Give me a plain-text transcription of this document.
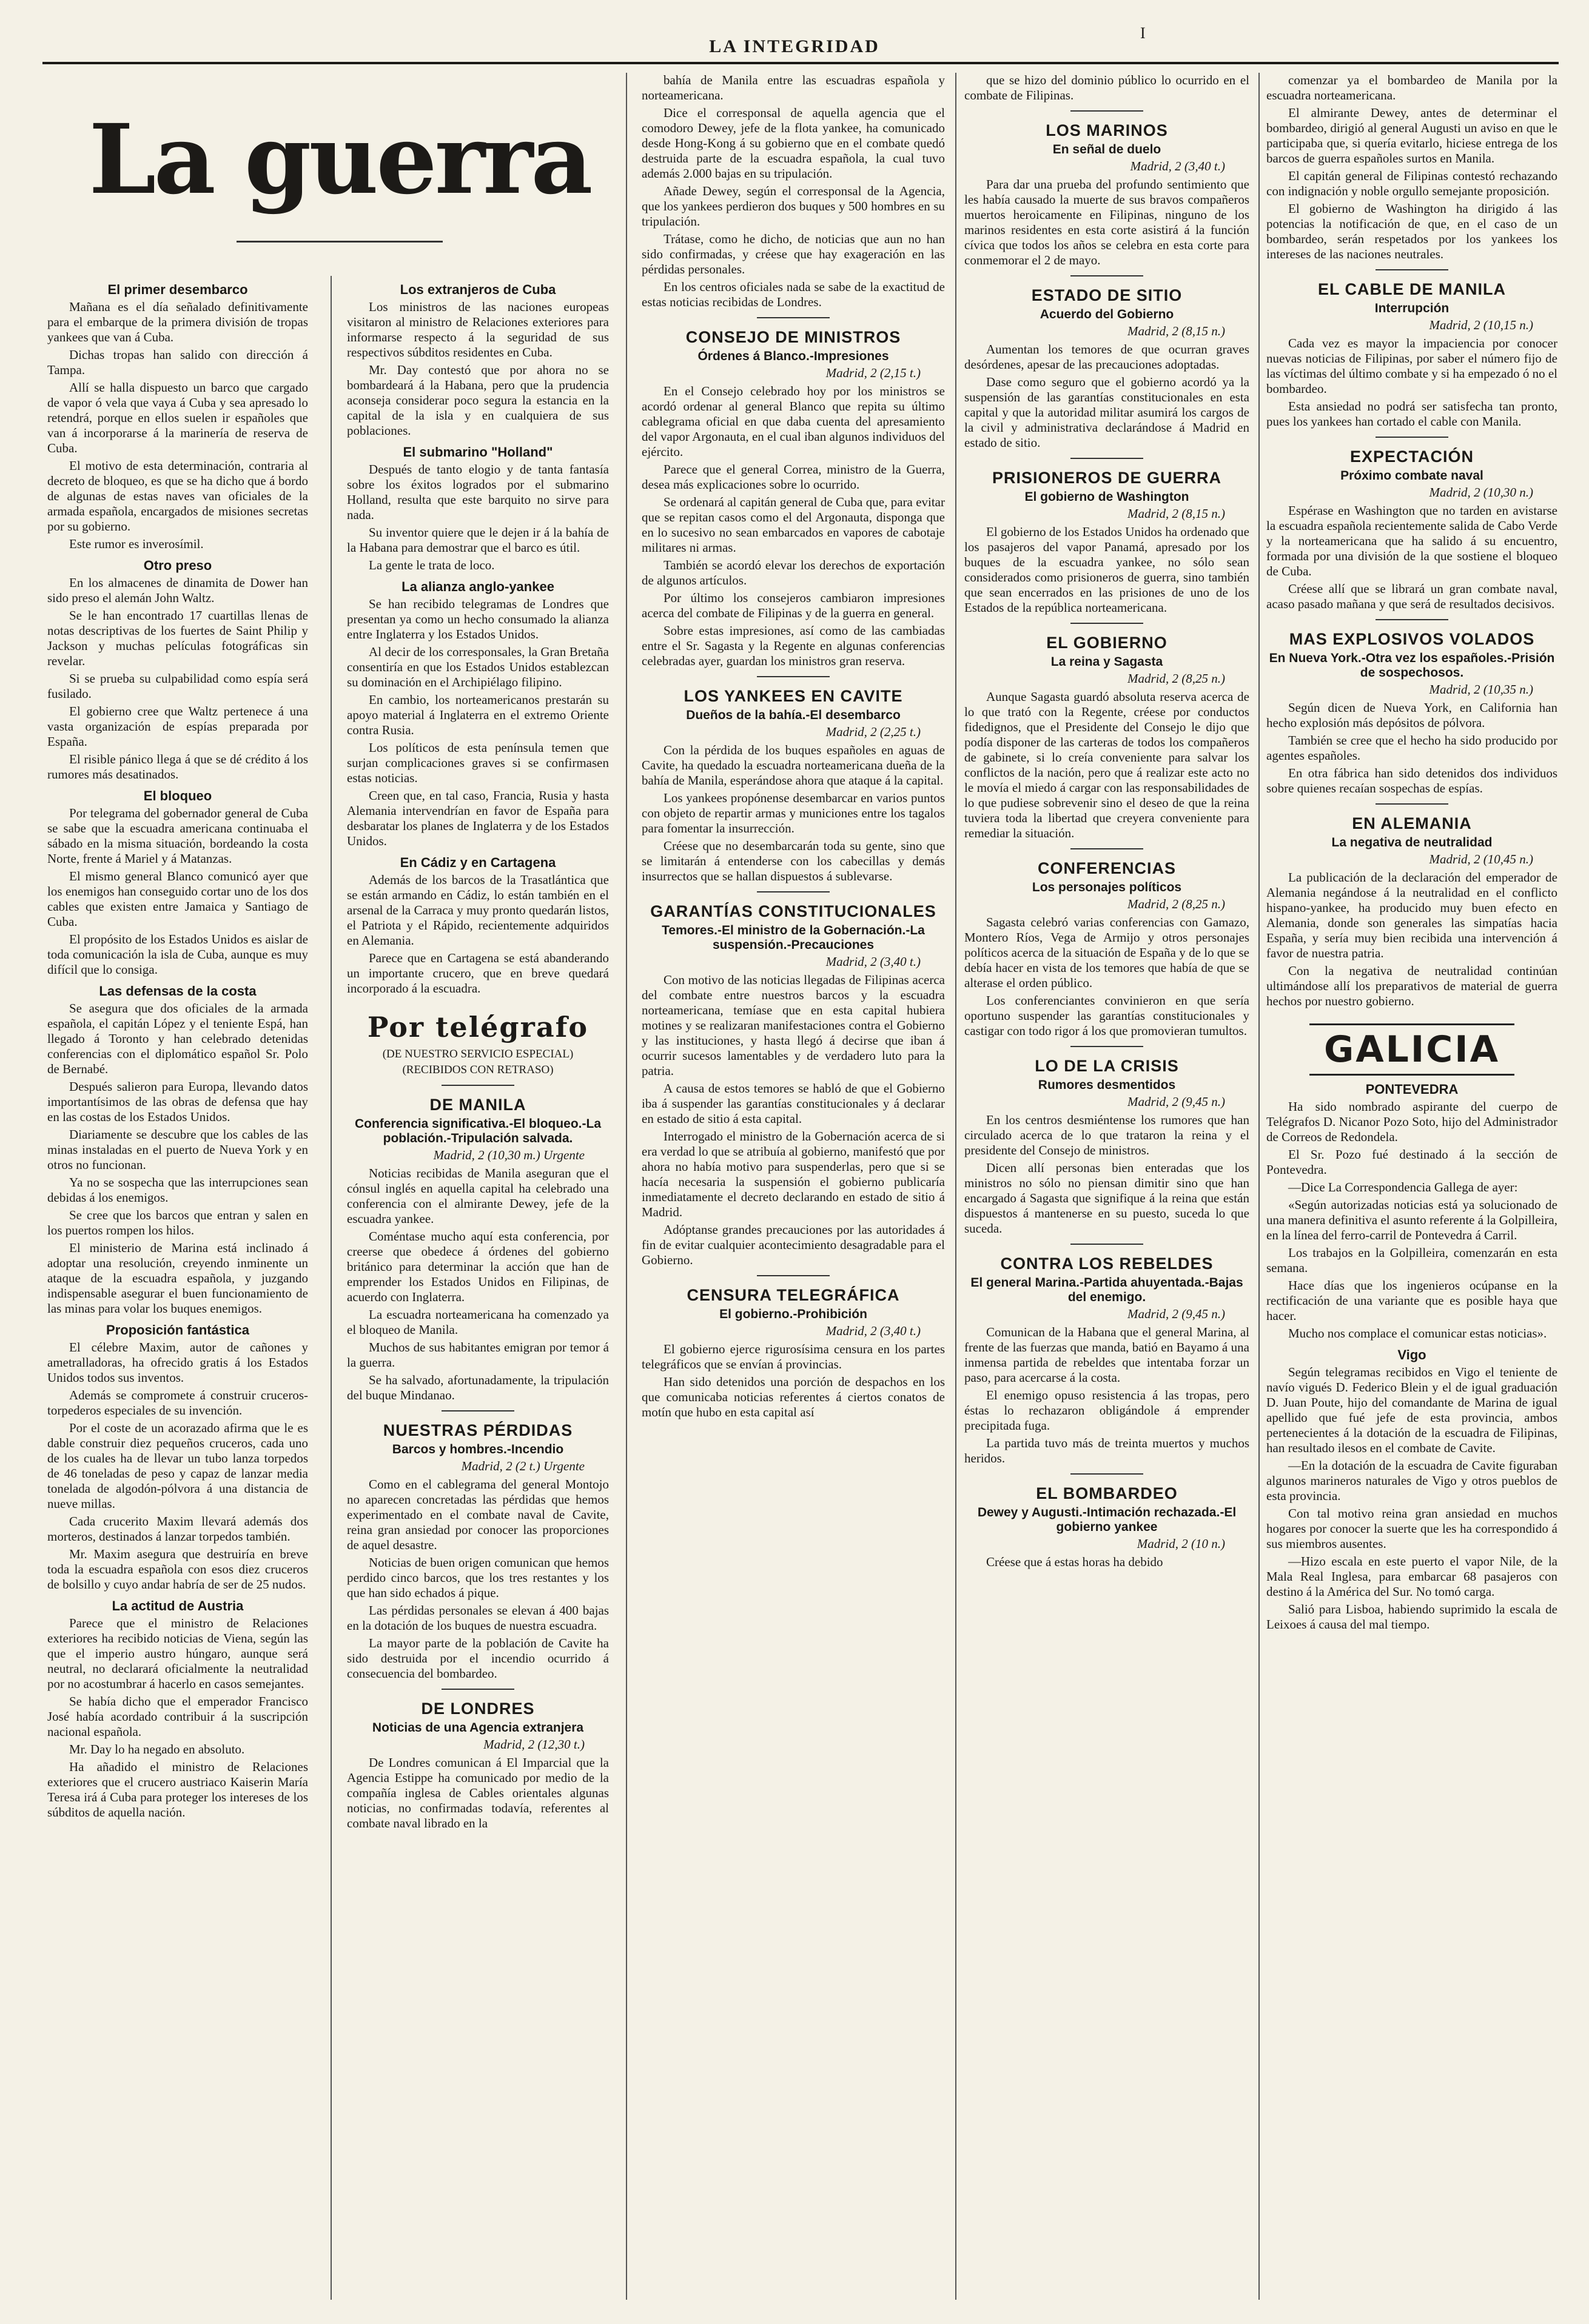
LA INTEGRIDAD
I
La guerra
El primer desembarco

Mañana es el día señalado definitivamente para el embarque de la primera división de tropas yankees que van á Cuba.

Dichas tropas han salido con dirección á Tampa.

Allí se halla dispuesto un barco que cargado de vapor ó vela que vaya á Cuba y sea apresado lo retendrá, porque en ellos suelen ir españoles que van á incorporarse á la marinería de reserva de Cuba.

El motivo de esta determinación, contraria al decreto de bloqueo, es que se ha dicho que á bordo de algunas de estas naves van oficiales de la armada española, encargados de misiones secretas por su gobierno.

Este rumor es inverosímil.

Otro preso

En los almacenes de dinamita de Dower han sido preso el alemán John Waltz.

Se le han encontrado 17 cuartillas llenas de notas descriptivas de los fuertes de Saint Philip y Jackson y muchas películas fotográficas sin revelar.

Si se prueba su culpabilidad como espía será fusilado.

El gobierno cree que Waltz pertenece á una vasta organización de espías preparada por España.

El risible pánico llega á que se dé crédito á los rumores más desatinados.

El bloqueo

Por telegrama del gobernador general de Cuba se sabe que la escuadra americana continuaba el sábado en la misma situación, bordeando la costa Norte, frente á Mariel y á Matanzas.

El mismo general Blanco comunicó ayer que los enemigos han conseguido cortar uno de los dos cables que existen entre Jamaica y Santiago de Cuba.

El propósito de los Estados Unidos es aislar de toda comunicación la isla de Cuba, aunque es muy difícil que lo consiga.

Las defensas de la costa

Se asegura que dos oficiales de la armada española, el capitán López y el teniente Espá, han llegado á Toronto y han celebrado detenidas conferencias con el diplomático español Sr. Polo de Bernabé.

Después salieron para Europa, llevando datos importantísimos de las obras de defensa que hay en las costas de los Estados Unidos.

Diariamente se descubre que los cables de las minas instaladas en el puerto de Nueva York y en otros no funcionan.

Ya no se sospecha que las interrupciones sean debidas á los enemigos.

Se cree que los barcos que entran y salen en los puertos rompen los hilos.

El ministerio de Marina está inclinado á adoptar una resolución, creyendo inminente un ataque de la escuadra española, y juzgando indispensable asegurar el buen funcionamiento de las minas para volar los buques enemigos.

Proposición fantástica

El célebre Maxim, autor de cañones y ametralladoras, ha ofrecido gratis á los Estados Unidos todos sus inventos.

Además se compromete á construir cruceros-torpederos especiales de su invención.

Por el coste de un acorazado afirma que le es dable construir diez pequeños cruceros, cada uno de los cuales ha de llevar un tubo lanza torpedos de 46 toneladas de peso y capaz de lanzar media tonelada de algodón-pólvora á una distancia de nueve millas.

Cada crucerito Maxim llevará además dos morteros, destinados á lanzar torpedos también.

Mr. Maxim asegura que destruiría en breve toda la escuadra española con esos diez cruceros de bolsillo y cuyo andar habría de ser de 25 nudos.

La actitud de Austria

Parece que el ministro de Relaciones exteriores ha recibido noticias de Viena, según las que el imperio austro húngaro, aunque será neutral, no declarará oficialmente la neutralidad por no acostumbrar á hacerlo en casos semejantes.

Se había dicho que el emperador Francisco José había acordado contribuir á la suscripción nacional española.

Mr. Day lo ha negado en absoluto.

Ha añadido el ministro de Relaciones exteriores que el crucero austriaco Kaiserin María Teresa irá á Cuba para proteger los intereses de los súbditos de aquella nación.

Los extranjeros de Cuba

Los ministros de las naciones europeas visitaron al ministro de Relaciones exteriores para informarse respecto á la seguridad de sus respectivos súbditos residentes en Cuba.

Mr. Day contestó que por ahora no se bombardeará á la Habana, pero que la prudencia aconseja considerar poco segura la estancia en la capital de la isla y en cualquiera de sus poblaciones.

El submarino "Holland"

Después de tanto elogio y de tanta fantasía sobre los éxitos logrados por el submarino Holland, resulta que este barquito no sirve para nada.

Su inventor quiere que le dejen ir á la bahía de la Habana para demostrar que el barco es útil.

La gente le trata de loco.

La alianza anglo-yankee

Se han recibido telegramas de Londres que presentan ya como un hecho consumado la alianza entre Inglaterra y los Estados Unidos.

Al decir de los corresponsales, la Gran Bretaña consentiría en que los Estados Unidos establezcan su dominación en el Archipiélago filipino.

En cambio, los norteamericanos prestarán su apoyo material á Inglaterra en el extremo Oriente contra Rusia.

Los políticos de esta península temen que surjan complicaciones graves si se confirmasen estas noticias.

Creen que, en tal caso, Francia, Rusia y hasta Alemania intervendrían en favor de España para desbaratar los planes de Inglaterra y de los Estados Unidos.

En Cádiz y en Cartagena

Además de los barcos de la Trasatlántica que se están armando en Cádiz, lo están también en el arsenal de la Carraca y muy pronto quedarán listos, el Patriota y el Rápido, recientemente adquiridos en Alemania.

Parece que en Cartagena se está abanderando un importante crucero, que en breve quedará incorporado á la escuadra.

Por telégrafo
(DE NUESTRO SERVICIO ESPECIAL)
(RECIBIDOS CON RETRASO)
DE MANILA
Conferencia significativa.-El bloqueo.-La población.-Tripulación salvada.
Madrid, 2 (10,30 m.) Urgente

Noticias recibidas de Manila aseguran que el cónsul inglés en aquella capital ha celebrado una conferencia con el almirante Dewey, jefe de la escuadra yankee.

Coméntase mucho aquí esta conferencia, por creerse que obedece á órdenes del gobierno británico para determinar la acción que han de emprender los Estados Unidos en Filipinas, de acuerdo con Inglaterra.

La escuadra norteamericana ha comenzado ya el bloqueo de Manila.

Muchos de sus habitantes emigran por temor á la guerra.

Se ha salvado, afortunadamente, la tripulación del buque Mindanao.

NUESTRAS PÉRDIDAS
Barcos y hombres.-Incendio
Madrid, 2 (2 t.) Urgente

Como en el cablegrama del general Montojo no aparecen concretadas las pérdidas que hemos experimentado en el combate naval de Cavite, reina gran ansiedad por conocer las proporciones de aquel desastre.

Noticias de buen origen comunican que hemos perdido cinco barcos, que los tres restantes y los que han sido echados á pique.

Las pérdidas personales se elevan á 400 bajas en la dotación de los buques de nuestra escuadra.

La mayor parte de la población de Cavite ha sido destruida por el incendio ocurrido á consecuencia del bombardeo.

DE LONDRES
Noticias de una Agencia extranjera
Madrid, 2 (12,30 t.)

De Londres comunican á El Imparcial que la Agencia Estippe ha comunicado por medio de la compañía inglesa de Cables orientales algunas noticias, no confirmadas todavía, referentes al combate naval librado en la

bahía de Manila entre las escuadras española y norteamericana.

Dice el corresponsal de aquella agencia que el comodoro Dewey, jefe de la flota yankee, ha comunicado desde Hong-Kong á su gobierno que en el combate quedó destruida parte de la escuadra española, la cual tuvo además 2.000 bajas en su tripulación.

Añade Dewey, según el corresponsal de la Agencia, que los yankees perdieron dos buques y 500 hombres en su tripulación.

Trátase, como he dicho, de noticias que aun no han sido confirmadas, y créese que hay exageración en las pérdidas personales.

En los centros oficiales nada se sabe de la exactitud de estas noticias recibidas de Londres.

CONSEJO DE MINISTROS
Órdenes á Blanco.-Impresiones
Madrid, 2 (2,15 t.)

En el Consejo celebrado hoy por los ministros se acordó ordenar al general Blanco que repita su último cablegrama oficial en que daba cuenta del apresamiento del vapor Argonauta, en el cual iban algunos individuos del ejército.

Parece que el general Correa, ministro de la Guerra, desea más explicaciones sobre lo ocurrido.

Se ordenará al capitán general de Cuba que, para evitar que se repitan casos como el del Argonauta, disponga que en lo sucesivo no sean embarcados en vapores de cabotaje militares ni armas.

También se acordó elevar los derechos de exportación de algunos artículos.

Por último los consejeros cambiaron impresiones acerca del combate de Filipinas y de la guerra en general.

Sobre estas impresiones, así como de las cambiadas entre el Sr. Sagasta y la Regente en algunas conferencias celebradas ayer, guardan los ministros gran reserva.

LOS YANKEES EN CAVITE
Dueños de la bahía.-El desembarco
Madrid, 2 (2,25 t.)

Con la pérdida de los buques españoles en aguas de Cavite, ha quedado la escuadra norteamericana dueña de la bahía de Manila, esperándose ahora que ataque á la capital.

Los yankees propónense desembarcar en varios puntos con objeto de repartir armas y municiones entre los tagalos para fomentar la insurrección.

Créese que no desembarcarán toda su gente, sino que se limitarán á entenderse con los cabecillas y demás insurrectos que se hallan dispuestos á sublevarse.

GARANTÍAS CONSTITUCIONALES
Temores.-El ministro de la Gobernación.-La suspensión.-Precauciones
Madrid, 2 (3,40 t.)

Con motivo de las noticias llegadas de Filipinas acerca del combate entre nuestros barcos y la escuadra norteamericana, temíase que en esta capital hubiera motines y se realizaran manifestaciones contra el Gobierno y las instituciones, y hasta llegó á decirse que iban á ocurrir sucesos lamentables y de verdadero luto para la patria.

A causa de estos temores se habló de que el Gobierno iba á suspender las garantías constitucionales y á declarar en estado de sitio á esta capital.

Interrogado el ministro de la Gobernación acerca de si era verdad lo que se atribuía al gobierno, manifestó que por ahora no había motivo para suspenderlas, pero que si se hacía necesaria la suspensión el gobierno publicaría inmediatamente el decreto declarando en estado de sitio á Madrid.

Adóptanse grandes precauciones por las autoridades á fin de evitar cualquier acontecimiento desagradable para el Gobierno.

CENSURA TELEGRÁFICA
El gobierno.-Prohibición
Madrid, 2 (3,40 t.)

El gobierno ejerce rigurosísima censura en los partes telegráficos que se envían á provincias.

Han sido detenidos una porción de despachos en los que comunicaba noticias referentes á ciertos conatos de motín que hubo en esta capital así

que se hizo del dominio público lo ocurrido en el combate de Filipinas.

LOS MARINOS
En señal de duelo
Madrid, 2 (3,40 t.)

Para dar una prueba del profundo sentimiento que les había causado la muerte de sus bravos compañeros muertos heroicamente en Filipinas, ninguno de los marinos residentes en esta corte asistirá á la función cívica que todos los años se celebra en esta corte para conmemorar el 2 de mayo.

ESTADO DE SITIO
Acuerdo del Gobierno
Madrid, 2 (8,15 n.)

Aumentan los temores de que ocurran graves desórdenes, apesar de las precauciones adoptadas.

Dase como seguro que el gobierno acordó ya la suspensión de las garantías constitucionales en esta capital y que la autoridad militar asumirá los cargos de la civil y administrativa declarándose á Madrid en estado de sitio.

PRISIONEROS DE GUERRA
El gobierno de Washington
Madrid, 2 (8,15 n.)

El gobierno de los Estados Unidos ha ordenado que los pasajeros del vapor Panamá, apresado por los buques de la escuadra yankee, no sólo sean considerados como prisioneros de guerra, sino también que sean encerrados en las prisiones de uno de los Estados de la república norteamericana.

EL GOBIERNO
La reina y Sagasta
Madrid, 2 (8,25 n.)

Aunque Sagasta guardó absoluta reserva acerca de lo que trató con la Regente, créese por conductos fidedignos, que el Presidente del Consejo le dijo que podía disponer de las carteras de todos los compañeros de gabinete, si lo creía conveniente para salvar los conflictos de la nación, pero que á realizar este acto no le movía el miedo á cargar con las responsabilidades de lo que pudiese sobrevenir sino el deseo de que la reina tuviera toda la libertad que creyera conveniente para remediar la situación.

CONFERENCIAS
Los personajes políticos
Madrid, 2 (8,25 n.)

Sagasta celebró varias conferencias con Gamazo, Montero Ríos, Vega de Armijo y otros personajes políticos acerca de la situación de España y de lo que se debía hacer en vista de los temores que había de que se alterase el orden público.

Los conferenciantes convinieron en que sería oportuno suspender las garantías constitucionales y castigar con todo rigor á los que promovieran tumultos.

LO DE LA CRISIS
Rumores desmentidos
Madrid, 2 (9,45 n.)

En los centros desmiéntense los rumores que han circulado acerca de lo que trataron la reina y el presidente del Consejo de ministros.

Dicen allí personas bien enteradas que los ministros no sólo no piensan dimitir sino que han encargado á Sagasta que signifique á la reina que están dispuestos á mantenerse en su puesto, suceda lo que suceda.

CONTRA LOS REBELDES
El general Marina.-Partida ahuyentada.-Bajas del enemigo.
Madrid, 2 (9,45 n.)

Comunican de la Habana que el general Marina, al frente de las fuerzas que manda, batió en Bayamo á una inmensa partida de rebeldes que intentaba forzar un paso, para acercarse á la costa.

El enemigo opuso resistencia á las tropas, pero éstas lo rechazaron obligándole á emprender precipitada fuga.

La partida tuvo más de treinta muertos y muchos heridos.

EL BOMBARDEO
Dewey y Augusti.-Intimación rechazada.-El gobierno yankee
Madrid, 2 (10 n.)

Créese que á estas horas ha debido

comenzar ya el bombardeo de Manila por la escuadra norteamericana.

El almirante Dewey, antes de determinar el bombardeo, dirigió al general Augusti un aviso en que le participaba que, si quería evitarlo, hiciese entrega de los barcos de guerra españoles surtos en Manila.

El capitán general de Filipinas contestó rechazando con indignación y noble orgullo semejante proposición.

El gobierno de Washington ha dirigido á las potencias la notificación de que, en el caso de un bombardeo, serán respetados por los yankees los intereses de las naciones neutrales.

EL CABLE DE MANILA
Interrupción
Madrid, 2 (10,15 n.)

Cada vez es mayor la impaciencia por conocer nuevas noticias de Filipinas, por saber el número fijo de las víctimas del último combate y si ha empezado ó no el bombardeo.

Esta ansiedad no podrá ser satisfecha tan pronto, pues los yankees han cortado el cable con Manila.

EXPECTACIÓN
Próximo combate naval
Madrid, 2 (10,30 n.)

Espérase en Washington que no tarden en avistarse la escuadra española recientemente salida de Cabo Verde y la norteamericana que ha salido á su encuentro, formada por una división de la que sostiene el bloqueo de Cuba.

Créese allí que se librará un gran combate naval, acaso pasado mañana y que será de resultados decisivos.

MAS EXPLOSIVOS VOLADOS
En Nueva York.-Otra vez los españoles.-Prisión de sospechosos.
Madrid, 2 (10,35 n.)

Según dicen de Nueva York, en California han hecho explosión más depósitos de pólvora.

También se cree que el hecho ha sido producido por agentes españoles.

En otra fábrica han sido detenidos dos individuos sobre quienes recaían sospechas de espías.

EN ALEMANIA
La negativa de neutralidad
Madrid, 2 (10,45 n.)

La publicación de la declaración del emperador de Alemania negándose á la neutralidad en el conflicto hispano-yankee, ha producido muy buen efecto en Alemania, donde son generales las simpatías hacia España, y sería muy bien recibida una intervención á favor de nuestra patria.

Con la negativa de neutralidad continúan ultimándose allí los preparativos de material de guerra hechos por nuestro gobierno.

GALICIA
PONTEVEDRA

Ha sido nombrado aspirante del cuerpo de Telégrafos D. Nicanor Pozo Soto, hijo del Administrador de Correos de Redondela.

El Sr. Pozo fué destinado á la sección de Pontevedra.

—Dice La Correspondencia Gallega de ayer:

«Según autorizadas noticias está ya solucionado de una manera definitiva el asunto referente á la Golpilleira, en la línea del ferro-carril de Pontevedra á Carril.

Los trabajos en la Golpilleira, comenzarán en esta semana.

Hace días que los ingenieros ocúpanse en la rectificación de una variante que es posible haya que hacer.

Mucho nos complace el comunicar estas noticias».

Vigo

Según telegramas recibidos en Vigo el teniente de navío vigués D. Federico Blein y el de igual graduación D. Juan Poute, hijo del comandante de Marina de igual apellido que fué jefe de esta provincia, ambos pertenecientes á la dotación de la escuadra de Filipinas, han resultado ilesos en el combate de Cavite.

—En la dotación de la escuadra de Cavite figuraban algunos marineros naturales de Vigo y otros pueblos de esta provincia.

Con tal motivo reina gran ansiedad en muchos hogares por conocer la suerte que les ha correspondido á sus miembros ausentes.

—Hizo escala en este puerto el vapor Nile, de la Mala Real Inglesa, para embarcar 68 pasajeros con destino á la América del Sur. No tomó carga.

Salió para Lisboa, habiendo suprimido la escala de Leixoes á causa del mal tiempo.
